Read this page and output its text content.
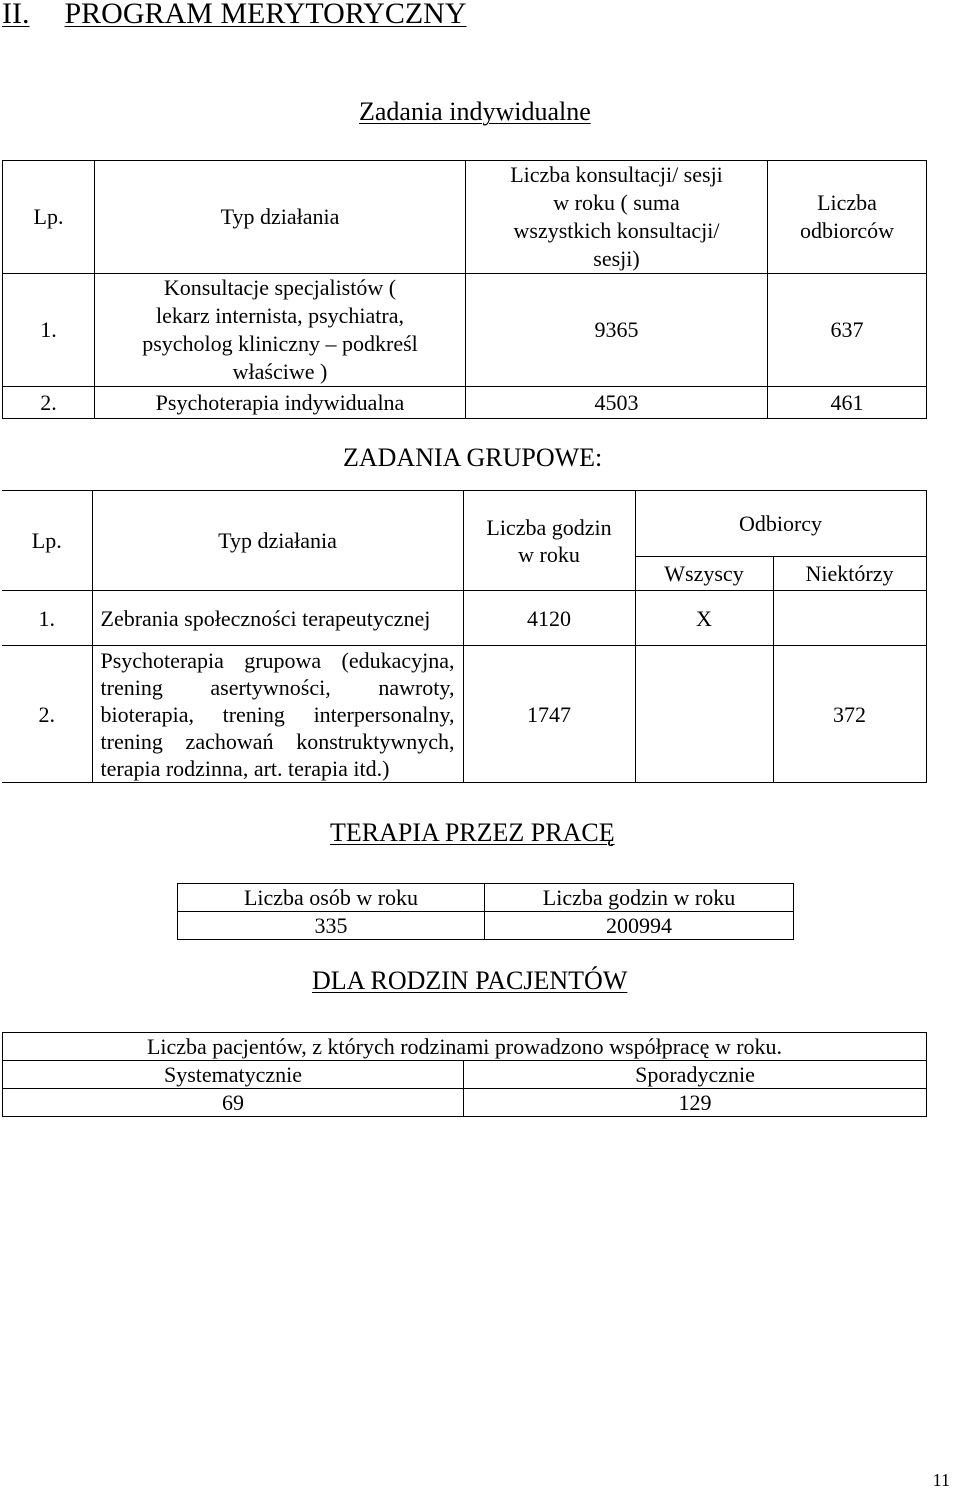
II. PROGRAM MERYTORYCZNY
Zadania indywidualne
Lp.	Typ działania	Liczba konsultacji/ sesji w roku ( suma wszystkich konsultacji/ sesji)	Liczba odbiorców
1.	Konsultacje specjalistów ( lekarz internista, psychiatra, psycholog kliniczny – podkreśl właściwe )	9365	637
2.	Psychoterapia indywidualna	4503	461
ZADANIA GRUPOWE:
Lp.	Typ działania	Liczba godzin w roku	Odbiorcy	
			Wszyscy	Niektórzy
1.	Zebrania społeczności terapeutycznej	4120	X	
2.	Psychoterapia grupowa (edukacyjna, trening asertywności, nawroty, bioterapia, trening interpersonalny, trening zachowań konstruktywnych, terapia rodzinna, art. terapia itd.)	1747		372
TERAPIA PRZEZ PRACĘ
Liczba osób w roku	Liczba godzin w roku
335	200994
DLA RODZIN PACJENTÓW
Liczba pacjentów, z których rodzinami prowadzono współpracę w roku.	
Systematycznie	Sporadycznie
69	129
11
